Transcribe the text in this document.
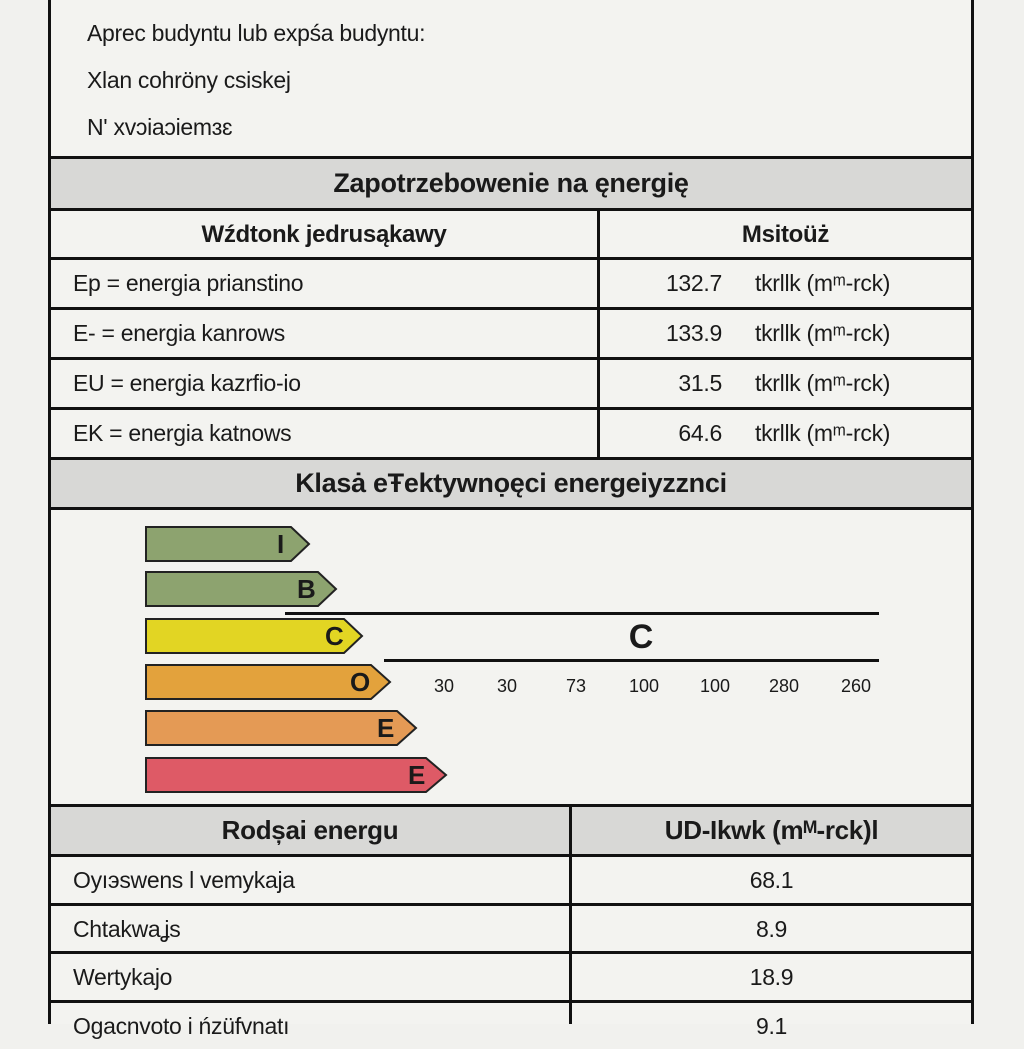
Aprec budyntu lub expśa budyntu:
Xlan cohröny csiskej
N' xvɔiaɔiemɜɛ
Zapotrzebowenie na ęnergię
Wźdtonk jedrusąkawy	Msitoüż
Ep = energia prianstino	132.7 tkrllk (mᵐ-rck)
E- = energia kanrows	133.9 tkrllk (mᵐ-rck)
EU = energia kazrfio-io	31.5 tkrllk (mᵐ-rck)
EK = energia katnows	64.6 tkrllk (mᵐ-rck)
Klasȧ eŦektywnọęci energeiyzznci
I
B
C
O
E
E
C
30 30	73 100 100 280 260
Rodșai energu	UD-Ikwk (mᴹ-rck)l
Oyıэswens l vemykaja	68.1
Chtakwaʝs	8.9
Wertykajo	18.9
Ogacnvoto i ńzüfvnatı	9.1
